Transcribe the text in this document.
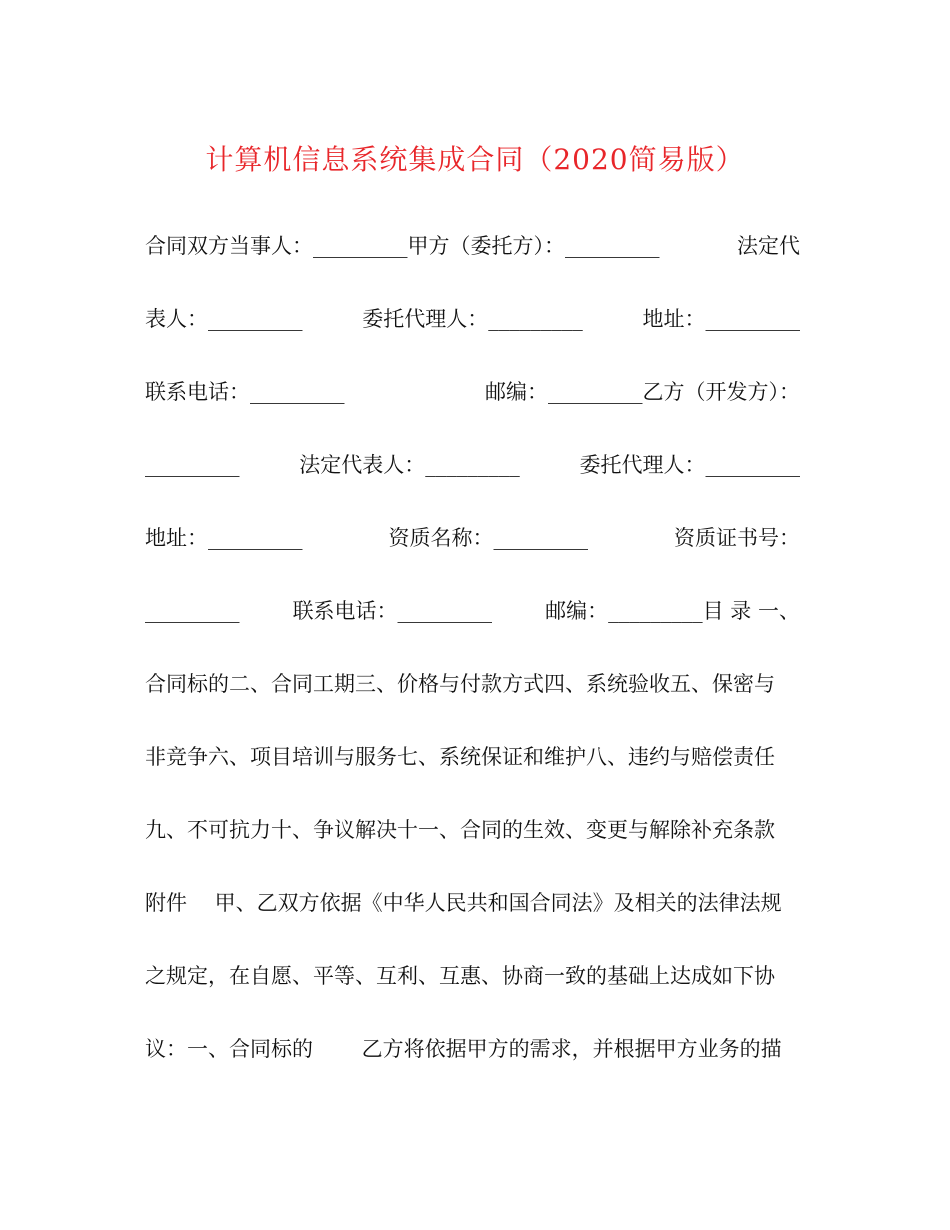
计算机信息系统集成合同（2020简易版）
合同双方当事人：_________甲方（委托方）：_________	法定代
表人：_________	委托代理人：_________	地址：_________
联系电话：_________	邮编：_________乙方（开发方）：
_________	法定代表人：_________	委托代理人：_________
地址：_________	资质名称：_________	资质证书号：
_________	联系电话：_________	邮编：_________目 录 一、
合同标的二、合同工期三、价格与付款方式四、系统验收五、保密与
非竞争六、项目培训与服务七、系统保证和维护八、违约与赔偿责任
九、不可抗力十、争议解决十一、合同的生效、变更与解除补充条款
附件 　甲、乙双方依据《中华人民共和国合同法》及相关的法律法规
之规定，在自愿、平等、互利、互惠、协商一致的基础上达成如下协
议：一、合同标的　 　乙方将依据甲方的需求，并根据甲方业务的描
